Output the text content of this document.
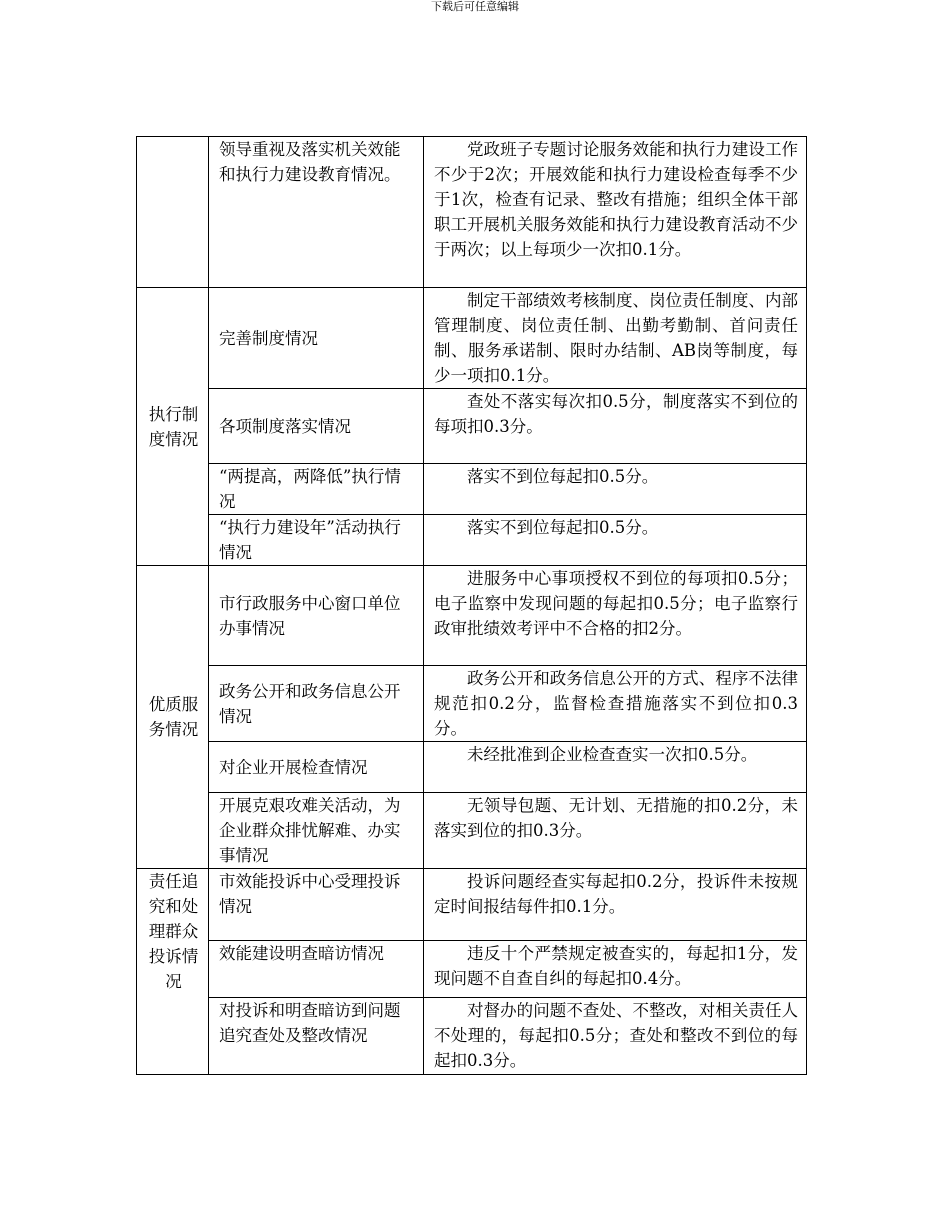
下载后可任意编辑
	领导重视及落实机关效能和执行力建设教育情况。	党政班子专题讨论服务效能和执行力建设工作不少于2次；开展效能和执行力建设检查每季不少于1次，检查有记录、整改有措施；组织全体干部职工开展机关服务效能和执行力建设教育活动不少于两次；以上每项少一次扣0.1分。
执行制度情况	完善制度情况	制定干部绩效考核制度、岗位责任制度、内部管理制度、岗位责任制、出勤考勤制、首问责任制、服务承诺制、限时办结制、AB岗等制度，每少一项扣0.1分。
	各项制度落实情况	查处不落实每次扣0.5分，制度落实不到位的每项扣0.3分。
	“两提高，两降低”执行情况	落实不到位每起扣0.5分。
	“执行力建设年”活动执行情况	落实不到位每起扣0.5分。
优质服务情况	市行政服务中心窗口单位办事情况	进服务中心事项授权不到位的每项扣0.5分；电子监察中发现问题的每起扣0.5分；电子监察行政审批绩效考评中不合格的扣2分。
	政务公开和政务信息公开情况	政务公开和政务信息公开的方式、程序不法律规范扣0.2分，监督检查措施落实不到位扣0.3分。
	对企业开展检查情况	未经批准到企业检查查实一次扣0.5分。
	开展克艰攻难关活动，为企业群众排忧解难、办实事情况	无领导包题、无计划、无措施的扣0.2分，未落实到位的扣0.3分。
责任追究和处理群众投诉情况	市效能投诉中心受理投诉情况	投诉问题经查实每起扣0.2分，投诉件未按规定时间报结每件扣0.1分。
	效能建设明查暗访情况	违反十个严禁规定被查实的，每起扣1分，发现问题不自查自纠的每起扣0.4分。
	对投诉和明查暗访到问题追究查处及整改情况	对督办的问题不查处、不整改，对相关责任人不处理的，每起扣0.5分；查处和整改不到位的每起扣0.3分。
